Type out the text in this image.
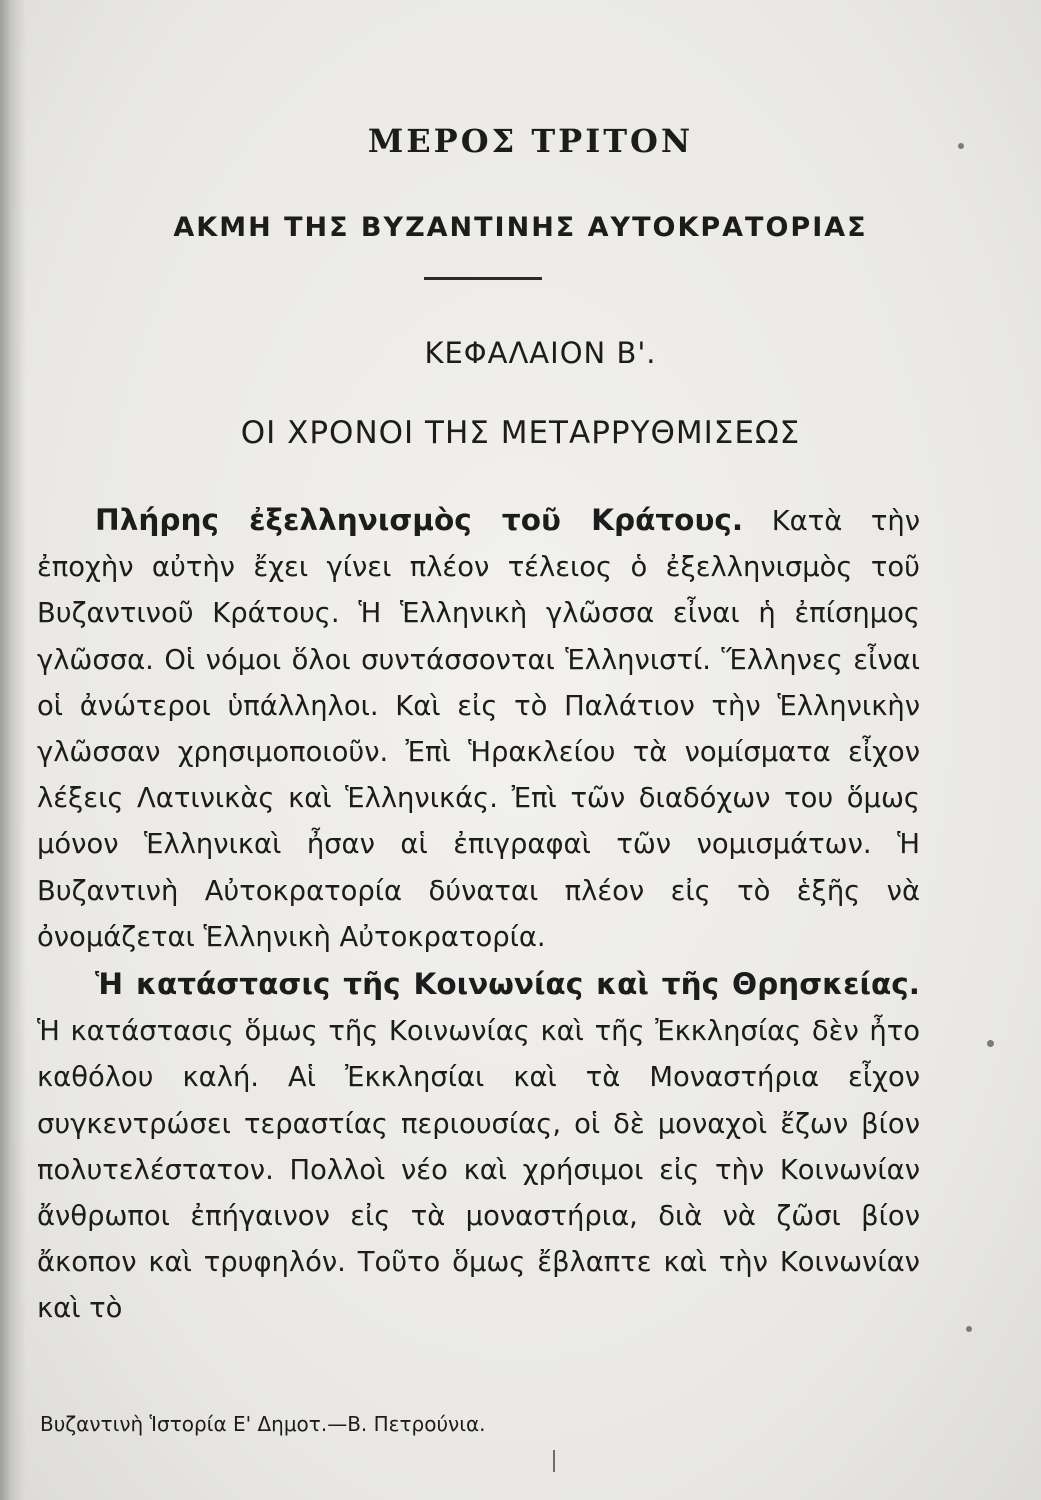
ΜΕΡΟΣ ΤΡΙΤΟΝ
ΑΚΜΗ ΤΗΣ ΒΥΖΑΝΤΙΝΗΣ ΑΥΤΟΚΡΑΤΟΡΙΑΣ
ΚΕΦΑΛΑΙΟΝ Β'.
ΟΙ ΧΡΟΝΟΙ ΤΗΣ ΜΕΤΑΡΡΥΘΜΙΣΕΩΣ

Πλήρης ἐξελληνισμὸς τοῦ Κράτους. Κατὰ τὴν ἐποχὴν αὐτὴν ἔχει γίνει πλέον τέλειος ὁ ἐξελληνισμὸς τοῦ Βυζαντινοῦ Κράτους. Ἡ Ἑλληνικὴ γλῶσσα εἶναι ἡ ἐπίσημος γλῶσσα. Οἱ νόμοι ὅλοι συντάσσονται Ἑλληνιστί. Ἕλληνες εἶναι οἱ ἀνώτεροι ὑπάλληλοι. Καὶ εἰς τὸ Παλάτιον τὴν Ἑλληνικὴν γλῶσσαν χρησιμοποιοῦν. Ἐπὶ Ἡρακλείου τὰ νομίσματα εἶχον λέξεις Λατινικὰς καὶ Ἑλληνικάς. Ἐπὶ τῶν διαδόχων του ὅμως μόνον Ἑλληνικαὶ ἦσαν αἱ ἐπιγραφαὶ τῶν νομισμάτων. Ἡ Βυζαντινὴ Αὐτοκρατορία δύναται πλέον εἰς τὸ ἑξῆς νὰ ὀνομάζεται Ἑλληνικὴ Αὐτοκρατορία.

Ἡ κατάστασις τῆς Κοινωνίας καὶ τῆς Θρησκείας. Ἡ κατάστασις ὅμως τῆς Κοινωνίας καὶ τῆς Ἐκκλησίας δὲν ἦτο καθόλου καλή. Αἱ Ἐκκλησίαι καὶ τὰ Μοναστήρια εἶχον συγκεντρώσει τεραστίας περιουσίας, οἱ δὲ μοναχοὶ ἔζων βίον πολυτελέστατον. Πολλοὶ νέο καὶ χρήσιμοι εἰς τὴν Κοινωνίαν ἄνθρωποι ἐπήγαινον εἰς τὰ μοναστήρια, διὰ νὰ ζῶσι βίον ἄκοπον καὶ τρυφηλόν. Τοῦτο ὅμως ἔβλαπτε καὶ τὴν Κοινωνίαν καὶ τὸ

Βυζαντινὴ Ἱστορία Ε' Δημοτ.—Β. Πετρούνια.
